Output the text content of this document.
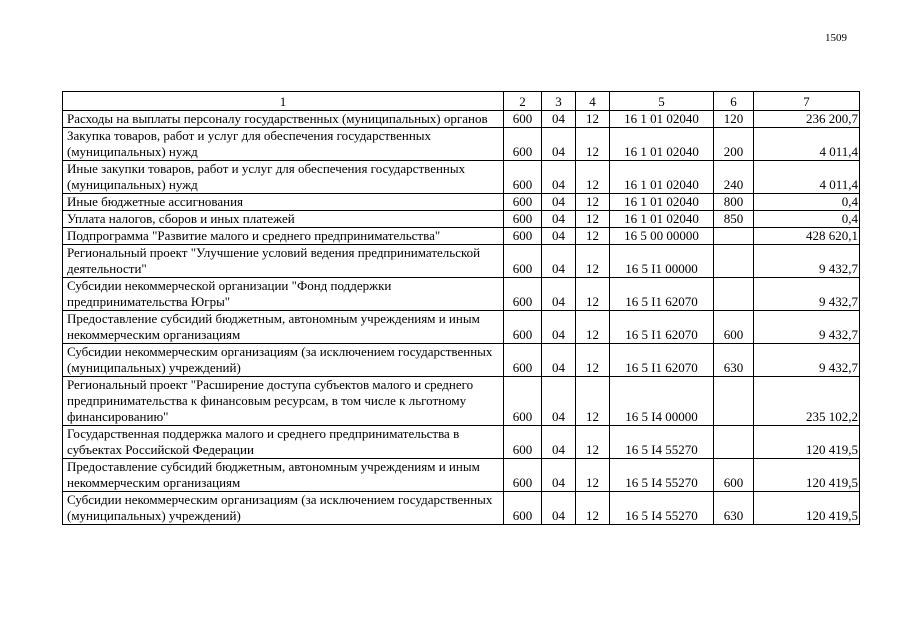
1509
1	2	3	4	5	6	7
Расходы на выплаты персоналу государственных (муниципальных) органов	600	04	12	16 1 01 02040	120	236 200,7
Закупка товаров, работ и услуг для обеспечения государственных (муниципальных) нужд	600	04	12	16 1 01 02040	200	4 011,4
Иные закупки товаров, работ и услуг для обеспечения государственных (муниципальных) нужд	600	04	12	16 1 01 02040	240	4 011,4
Иные бюджетные ассигнования	600	04	12	16 1 01 02040	800	0,4
Уплата налогов, сборов и иных платежей	600	04	12	16 1 01 02040	850	0,4
Подпрограмма "Развитие малого и среднего предпринимательства"	600	04	12	16 5 00 00000		428 620,1
Региональный проект "Улучшение условий ведения предпринимательской деятельности"	600	04	12	16 5 I1 00000		9 432,7
Субсидии некоммерческой организации "Фонд поддержки предпринимательства Югры"	600	04	12	16 5 I1 62070		9 432,7
Предоставление субсидий бюджетным, автономным учреждениям и иным некоммерческим организациям	600	04	12	16 5 I1 62070	600	9 432,7
Субсидии некоммерческим организациям (за исключением государственных (муниципальных) учреждений)	600	04	12	16 5 I1 62070	630	9 432,7
Региональный проект "Расширение доступа субъектов малого и среднего предпринимательства к финансовым ресурсам, в том числе к льготному финансированию"	600	04	12	16 5 I4 00000		235 102,2
Государственная поддержка малого и среднего предпринимательства в субъектах Российской Федерации	600	04	12	16 5 I4 55270		120 419,5
Предоставление субсидий бюджетным, автономным учреждениям и иным некоммерческим организациям	600	04	12	16 5 I4 55270	600	120 419,5
Субсидии некоммерческим организациям (за исключением государственных (муниципальных) учреждений)	600	04	12	16 5 I4 55270	630	120 419,5
